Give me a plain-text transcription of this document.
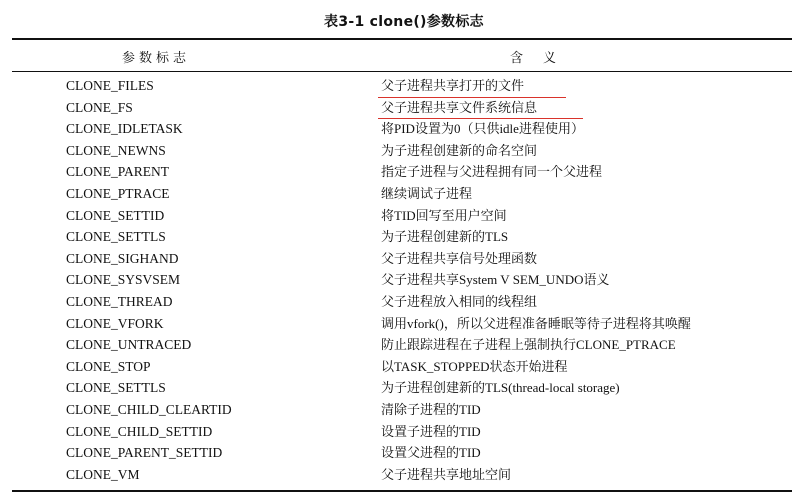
表3-1 clone()参数标志
参数标志	含义
CLONE_FILES	父子进程共享打开的文件
CLONE_FS	父子进程共享文件系统信息
CLONE_IDLETASK	将PID设置为0（只供idle进程使用）
CLONE_NEWNS	为子进程创建新的命名空间
CLONE_PARENT	指定子进程与父进程拥有同一个父进程
CLONE_PTRACE	继续调试子进程
CLONE_SETTID	将TID回写至用户空间
CLONE_SETTLS	为子进程创建新的TLS
CLONE_SIGHAND	父子进程共享信号处理函数
CLONE_SYSVSEM	父子进程共享System V SEM_UNDO语义
CLONE_THREAD	父子进程放入相同的线程组
CLONE_VFORK	调用vfork()，所以父进程准备睡眠等待子进程将其唤醒
CLONE_UNTRACED	防止跟踪进程在子进程上强制执行CLONE_PTRACE
CLONE_STOP	以TASK_STOPPED状态开始进程
CLONE_SETTLS	为子进程创建新的TLS(thread-local storage)
CLONE_CHILD_CLEARTID	清除子进程的TID
CLONE_CHILD_SETTID	设置子进程的TID
CLONE_PARENT_SETTID	设置父进程的TID
CLONE_VM	父子进程共享地址空间
